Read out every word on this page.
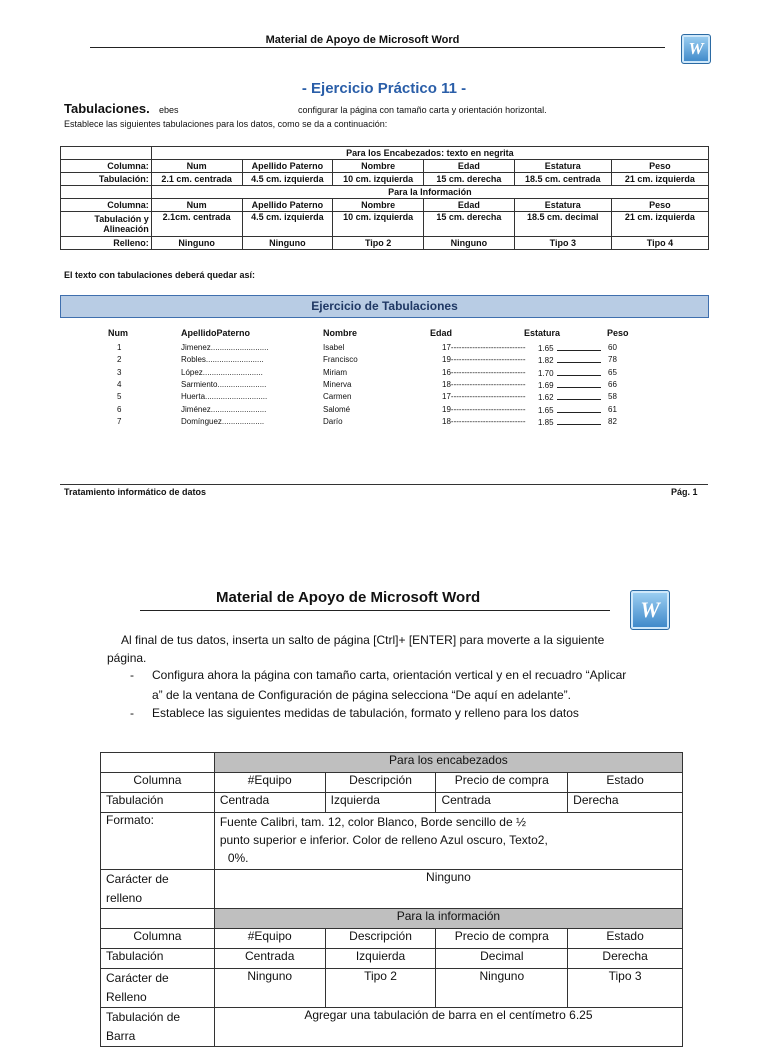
Material de Apoyo de Microsoft Word	W
- Ejercicio Práctico 11 -
Tabulaciones. ebes	configurar la página con tamaño carta y orientación horizontal.
Establece las siguientes tabulaciones para los datos, como se da a continuación:
	Para los Encabezados: texto en negrita					
Columna:	Num	Apellido Paterno	Nombre	Edad	Estatura	Peso
Tabulación:	2.1 cm. centrada	4.5 cm. izquierda	10 cm. izquierda	15 cm. derecha	18.5 cm. centrada	21 cm. izquierda
	Para la Información					
Columna:	Num	Apellido Paterno	Nombre	Edad	Estatura	Peso
Tabulación y Alineación	2.1cm. centrada	4.5 cm. izquierda	10 cm. izquierda	15 cm. derecha	18.5 cm. decimal	21 cm. izquierda
Relleno:	Ninguno	Ninguno	Tipo 2	Ninguno	Tipo 3	Tipo 4
El texto con tabulaciones deberá quedar así:
Ejercicio de Tabulaciones
Num	ApellidoPaterno	Nombre	Edad	Estatura	Peso
1	Jimenez..........................	Isabel	17---------------------------- 1.65	60
2	Robles..........................	Francisco	19---------------------------- 1.82	78
3	López...........................	Miriam	16---------------------------- 1.70	65
4	Sarmiento......................	Minerva	18---------------------------- 1.69	66
5	Huerta............................	Carmen	17---------------------------- 1.62	58
6	Jiménez.........................	Salomé	19---------------------------- 1.65	61
7	Domínguez...................	Darío	18---------------------------- 1.85	82
Tratamiento informático de datos	Pág. 1
Material de Apoyo de Microsoft Word	W
Al final de tus datos, inserta un salto de página [Ctrl]+ [ENTER] para moverte a la siguiente
página.
- Configura ahora la página con tamaño carta, orientación vertical y en el recuadro “Aplicar
a” de la ventana de Configuración de página selecciona “De aquí en adelante”.
- Establece las siguientes medidas de tabulación, formato y relleno para los datos
	Para los encabezados			
Columna	#Equipo	Descripción	Precio de compra	Estado
Tabulación	Centrada	Izquierda	Centrada	Derecha
Formato:	Fuente Calibri, tam. 12, color Blanco, Borde sencillo de ½
punto superior e inferior. Color de relleno Azul oscuro, Texto2,
0%.			

Carácter de
relleno	Ninguno			
	Para la información			
Columna	#Equipo	Descripción	Precio de compra	Estado
Tabulación	Centrada	Izquierda	Decimal	Derecha

Carácter de
Relleno	Ninguno	Tipo 2	Ninguno	Tipo 3

Tabulación de
Barra	Agregar una tabulación de barra en el centímetro 6.25			
